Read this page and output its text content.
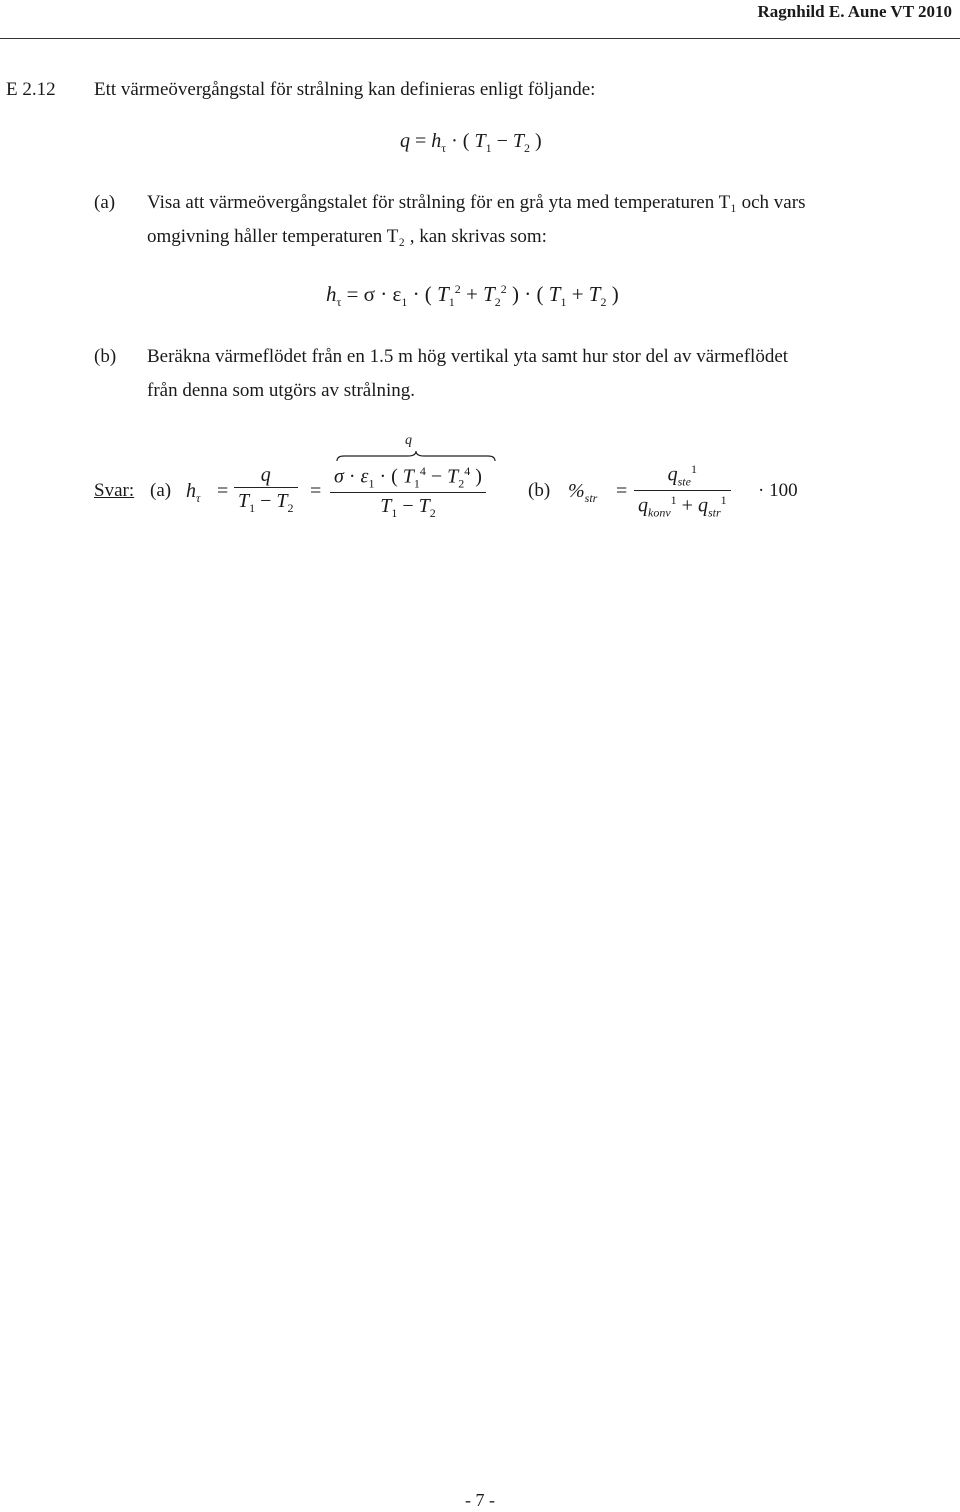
Ragnhild E. Aune VT 2010
E 2.12 Ett värmeövergångstal för strålning kan definieras enligt följande:
$q = h_\tau$ · ( $T_1 - T_2$ )
(a) Visa att värmeövergångstalet för strålning för en grå yta med temperaturen T₁ och vars
omgivning håller temperaturen T₂ , kan skrivas som:
$h_\tau = \sigma \cdot \varepsilon_1$ · ( $T_1^2 + T_2^2$ ) · ( $T_1 + T_2$ )
(b) Beräkna värmeflödet från en 1.5 m hög vertikal yta samt hur stor del av värmeflödet
från denna som utgörs av strålning.
Svar: (a) $h_\tau = \frac{q}{T_1 - T_2}$ =
q
$\frac{\sigma \cdot \varepsilon_1 \cdot ( T_1^4 - T_2^4 )}{T_1 - T_2} (b) \%_{str}$ =
$q_{ste}^1$
$q_{konv}^1 + q_{str}^1 \cdot 100$
- 7 -
